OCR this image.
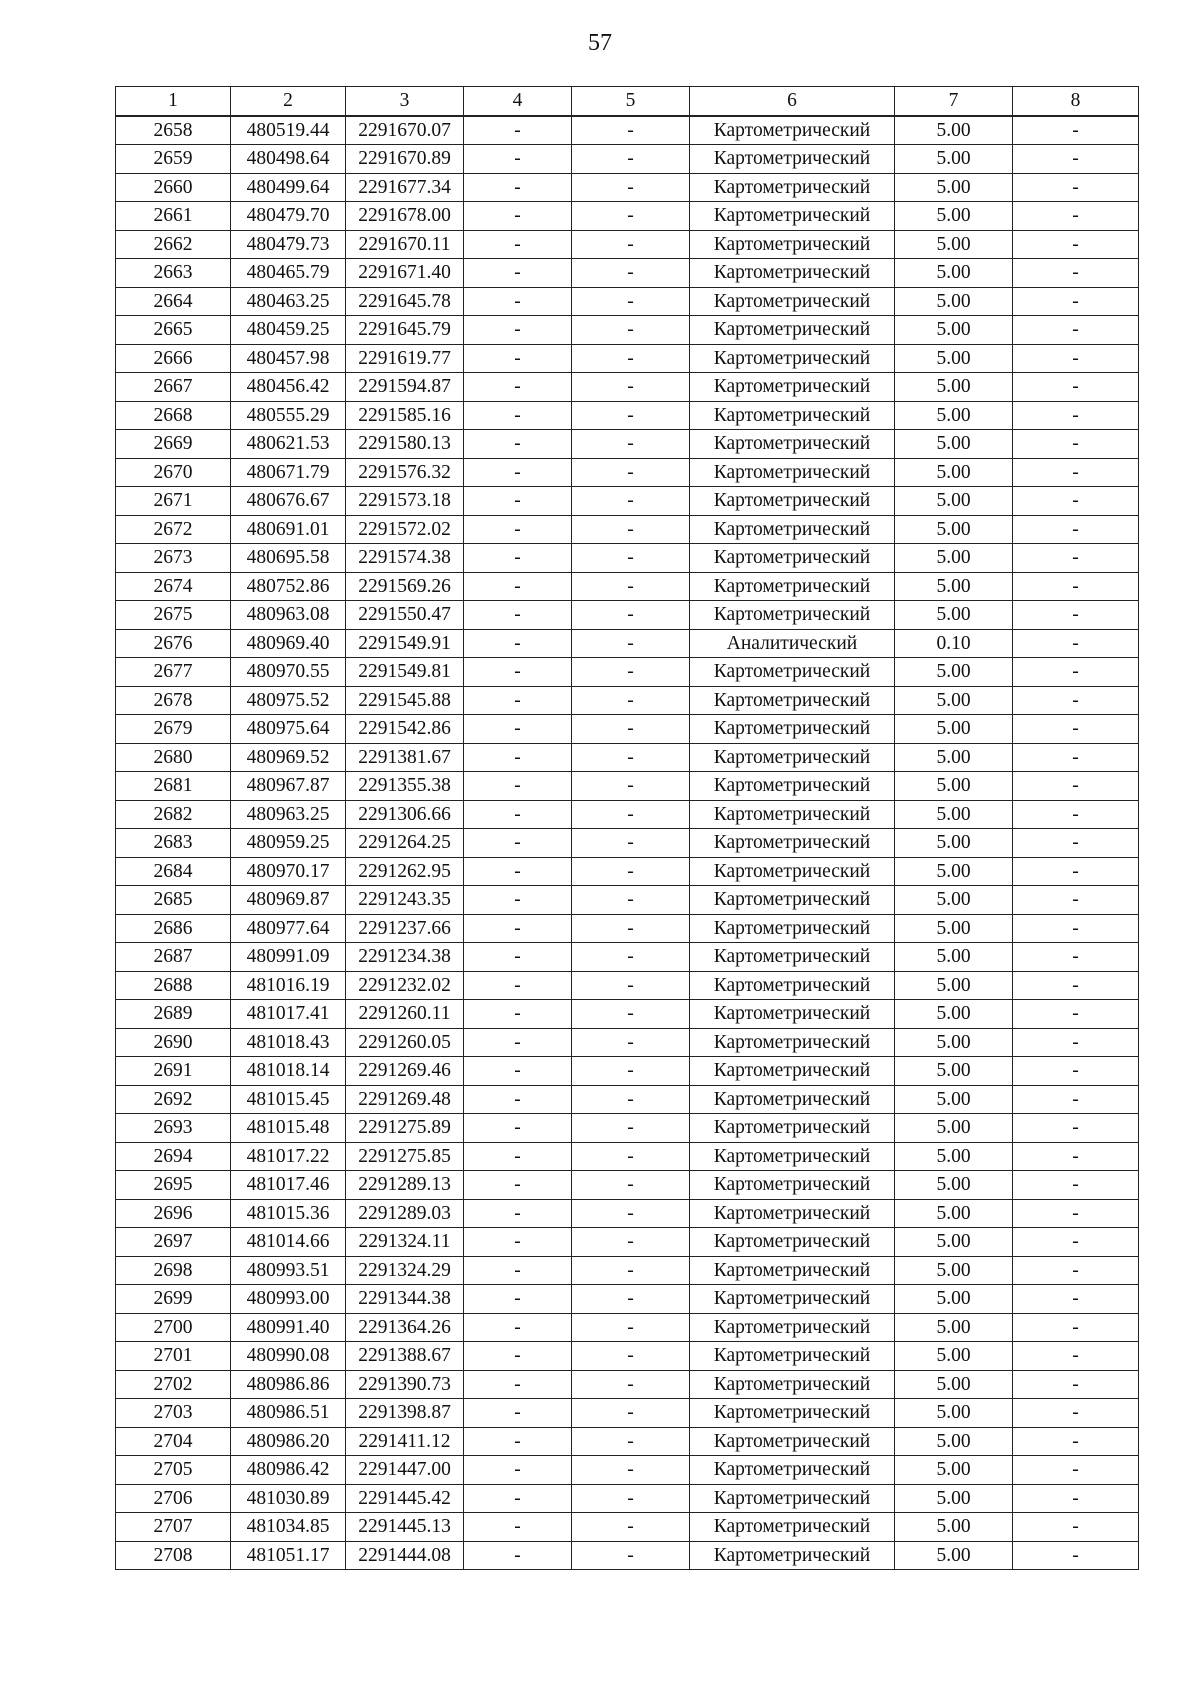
57
1	2	3	4	5	6	7	8
2658	480519.44	2291670.07	-	-	Картометрический	5.00	-
2659	480498.64	2291670.89	-	-	Картометрический	5.00	-
2660	480499.64	2291677.34	-	-	Картометрический	5.00	-
2661	480479.70	2291678.00	-	-	Картометрический	5.00	-
2662	480479.73	2291670.11	-	-	Картометрический	5.00	-
2663	480465.79	2291671.40	-	-	Картометрический	5.00	-
2664	480463.25	2291645.78	-	-	Картометрический	5.00	-
2665	480459.25	2291645.79	-	-	Картометрический	5.00	-
2666	480457.98	2291619.77	-	-	Картометрический	5.00	-
2667	480456.42	2291594.87	-	-	Картометрический	5.00	-
2668	480555.29	2291585.16	-	-	Картометрический	5.00	-
2669	480621.53	2291580.13	-	-	Картометрический	5.00	-
2670	480671.79	2291576.32	-	-	Картометрический	5.00	-
2671	480676.67	2291573.18	-	-	Картометрический	5.00	-
2672	480691.01	2291572.02	-	-	Картометрический	5.00	-
2673	480695.58	2291574.38	-	-	Картометрический	5.00	-
2674	480752.86	2291569.26	-	-	Картометрический	5.00	-
2675	480963.08	2291550.47	-	-	Картометрический	5.00	-
2676	480969.40	2291549.91	-	-	Аналитический	0.10	-
2677	480970.55	2291549.81	-	-	Картометрический	5.00	-
2678	480975.52	2291545.88	-	-	Картометрический	5.00	-
2679	480975.64	2291542.86	-	-	Картометрический	5.00	-
2680	480969.52	2291381.67	-	-	Картометрический	5.00	-
2681	480967.87	2291355.38	-	-	Картометрический	5.00	-
2682	480963.25	2291306.66	-	-	Картометрический	5.00	-
2683	480959.25	2291264.25	-	-	Картометрический	5.00	-
2684	480970.17	2291262.95	-	-	Картометрический	5.00	-
2685	480969.87	2291243.35	-	-	Картометрический	5.00	-
2686	480977.64	2291237.66	-	-	Картометрический	5.00	-
2687	480991.09	2291234.38	-	-	Картометрический	5.00	-
2688	481016.19	2291232.02	-	-	Картометрический	5.00	-
2689	481017.41	2291260.11	-	-	Картометрический	5.00	-
2690	481018.43	2291260.05	-	-	Картометрический	5.00	-
2691	481018.14	2291269.46	-	-	Картометрический	5.00	-
2692	481015.45	2291269.48	-	-	Картометрический	5.00	-
2693	481015.48	2291275.89	-	-	Картометрический	5.00	-
2694	481017.22	2291275.85	-	-	Картометрический	5.00	-
2695	481017.46	2291289.13	-	-	Картометрический	5.00	-
2696	481015.36	2291289.03	-	-	Картометрический	5.00	-
2697	481014.66	2291324.11	-	-	Картометрический	5.00	-
2698	480993.51	2291324.29	-	-	Картометрический	5.00	-
2699	480993.00	2291344.38	-	-	Картометрический	5.00	-
2700	480991.40	2291364.26	-	-	Картометрический	5.00	-
2701	480990.08	2291388.67	-	-	Картометрический	5.00	-
2702	480986.86	2291390.73	-	-	Картометрический	5.00	-
2703	480986.51	2291398.87	-	-	Картометрический	5.00	-
2704	480986.20	2291411.12	-	-	Картометрический	5.00	-
2705	480986.42	2291447.00	-	-	Картометрический	5.00	-
2706	481030.89	2291445.42	-	-	Картометрический	5.00	-
2707	481034.85	2291445.13	-	-	Картометрический	5.00	-
2708	481051.17	2291444.08	-	-	Картометрический	5.00	-
